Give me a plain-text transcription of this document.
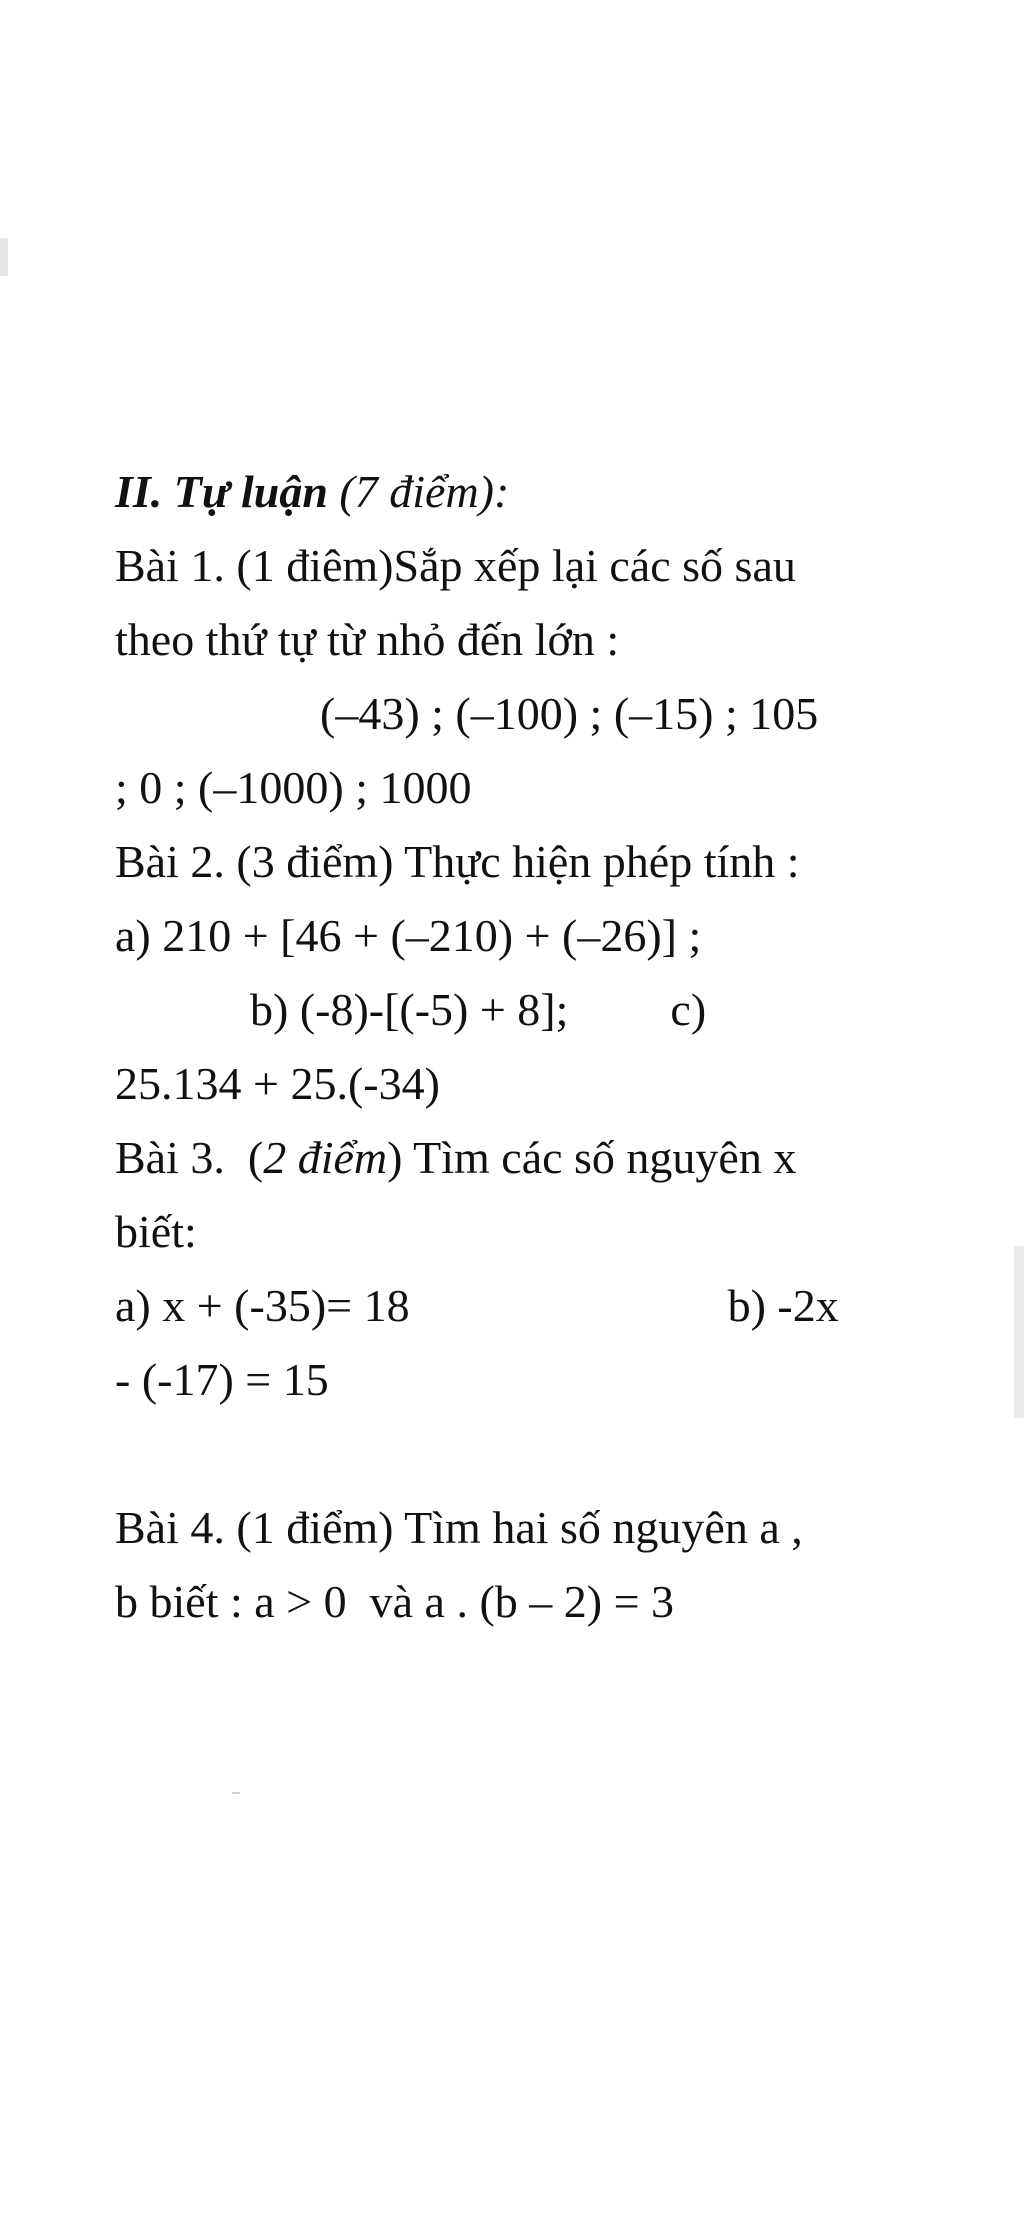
II. Tự luận (7 điểm):
Bài 1. (1 điêm)Sắp xếp lại các số sau
theo thứ tự từ nhỏ đến lớn :
(–43) ; (–100) ; (–15) ; 105
; 0 ; (–1000) ; 1000
Bài 2. (3 điểm) Thực hiện phép tính :
a) 210 + [46 + (–210) + (–26)] ;
b) (-8)-[(-5) + 8]; c)
25.134 + 25.(-34)
Bài 3.  (2 điểm) Tìm các số nguyên x
biết:
a) x + (-35)= 18	b) -2x
- (-17) = 15
Bài 4. (1 điểm) Tìm hai số nguyên a ,
b biết : a > 0  và a . (b – 2) = 3
